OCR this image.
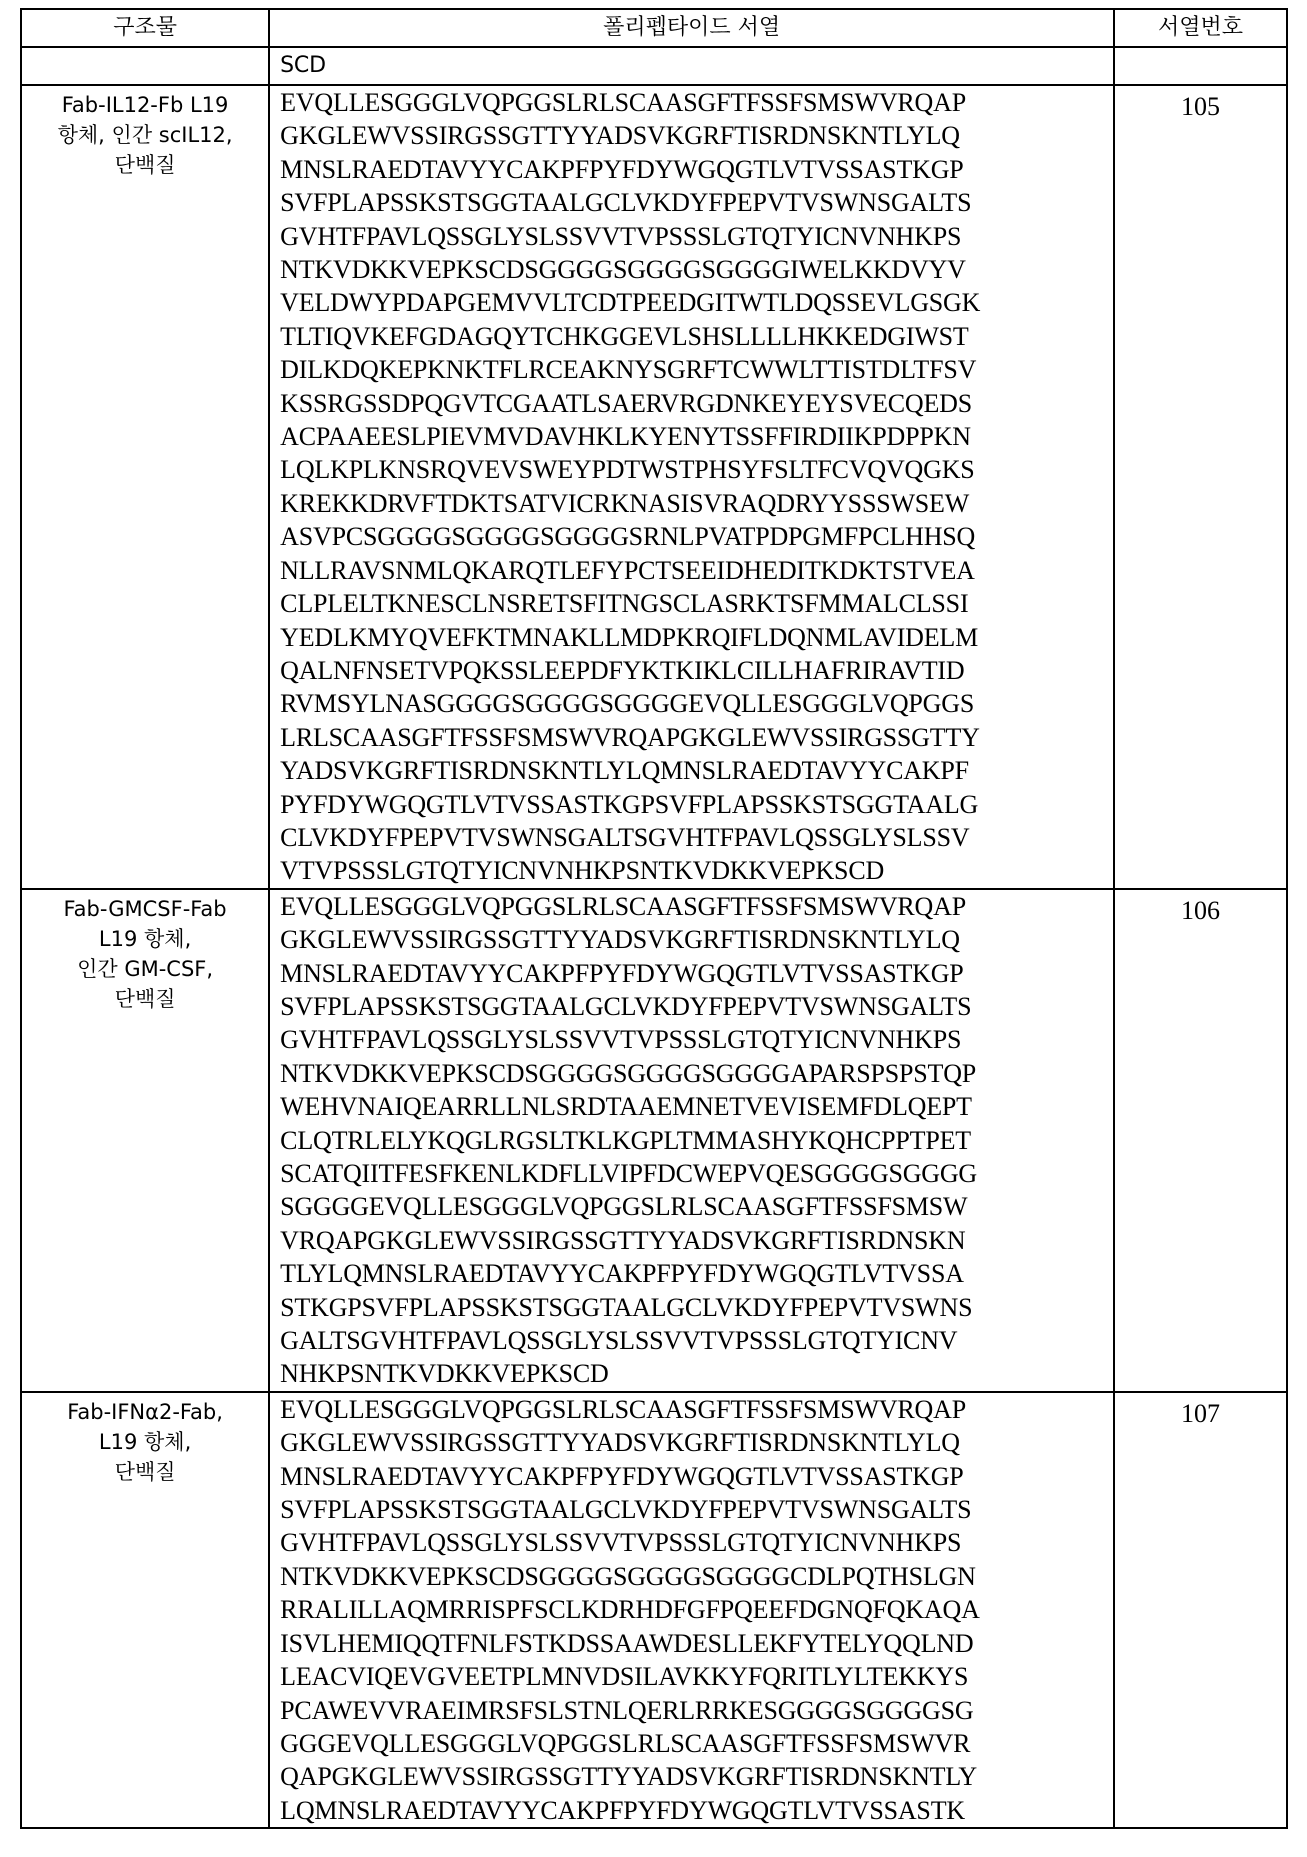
구조물	폴리펩타이드 서열	서열번호
	SCD	

Fab-IL12-Fb L19
항체, 인간 scIL12,
단백질

EVQLLESGGGLVQPGGSLRLSCAASGFTFSSFSMSWVRQAP
GKGLEWVSSIRGSSGTTYYADSVKGRFTISRDNSKNTLYLQ
MNSLRAEDTAVYYCAKPFPYFDYWGQGTLVTVSSASTKGP
SVFPLAPSSKSTSGGTAALGCLVKDYFPEPVTVSWNSGALTS
GVHTFPAVLQSSGLYSLSSVVTVPSSSLGTQTYICNVNHKPS
NTKVDKKVEPKSCDSGGGGSGGGGSGGGGIWELKKDVYV
VELDWYPDAPGEMVVLTCDTPEEDGITWTLDQSSEVLGSGK
TLTIQVKEFGDAGQYTCHKGGEVLSHSLLLLHKKEDGIWST
DILKDQKEPKNKTFLRCEAKNYSGRFTCWWLTTISTDLTFSV
KSSRGSSDPQGVTCGAATLSAERVRGDNKEYEYSVECQEDS
ACPAAEESLPIEVMVDAVHKLKYENYTSSFFIRDIIKPDPPKN
LQLKPLKNSRQVEVSWEYPDTWSTPHSYFSLTFCVQVQGKS
KREKKDRVFTDKTSATVICRKNASISVRAQDRYYSSSWSEW
ASVPCSGGGGSGGGGSGGGGSRNLPVATPDPGMFPCLHHSQ
NLLRAVSNMLQKARQTLEFYPCTSEEIDHEDITKDKTSTVEA
CLPLELTKNESCLNSRETSFITNGSCLASRKTSFMMALCLSSI
YEDLKMYQVEFKTMNAKLLMDPKRQIFLDQNMLAVIDELM
QALNFNSETVPQKSSLEEPDFYKTKIKLCILLHAFRIRAVTID
RVMSYLNASGGGGSGGGGSGGGGEVQLLESGGGLVQPGGS
LRLSCAASGFTFSSFSMSWVRQAPGKGLEWVSSIRGSSGTTY
YADSVKGRFTISRDNSKNTLYLQMNSLRAEDTAVYYCAKPF
PYFDYWGQGTLVTVSSASTKGPSVFPLAPSSKSTSGGTAALG
CLVKDYFPEPVTVSWNSGALTSGVHTFPAVLQSSGLYSLSSV
VTVPSSSLGTQTYICNVNHKPSNTKVDKKVEPKSCD
	105

Fab-GMCSF-Fab
L19 항체,
인간 GM-CSF,
단백질

EVQLLESGGGLVQPGGSLRLSCAASGFTFSSFSMSWVRQAP
GKGLEWVSSIRGSSGTTYYADSVKGRFTISRDNSKNTLYLQ
MNSLRAEDTAVYYCAKPFPYFDYWGQGTLVTVSSASTKGP
SVFPLAPSSKSTSGGTAALGCLVKDYFPEPVTVSWNSGALTS
GVHTFPAVLQSSGLYSLSSVVTVPSSSLGTQTYICNVNHKPS
NTKVDKKVEPKSCDSGGGGSGGGGSGGGGAPARSPSPSTQP
WEHVNAIQEARRLLNLSRDTAAEMNETVEVISEMFDLQEPT
CLQTRLELYKQGLRGSLTKLKGPLTMMASHYKQHCPPTPET
SCATQIITFESFKENLKDFLLVIPFDCWEPVQESGGGGSGGGG
SGGGGEVQLLESGGGLVQPGGSLRLSCAASGFTFSSFSMSW
VRQAPGKGLEWVSSIRGSSGTTYYADSVKGRFTISRDNSKN
TLYLQMNSLRAEDTAVYYCAKPFPYFDYWGQGTLVTVSSA
STKGPSVFPLAPSSKSTSGGTAALGCLVKDYFPEPVTVSWNS
GALTSGVHTFPAVLQSSGLYSLSSVVTVPSSSLGTQTYICNV
NHKPSNTKVDKKVEPKSCD
	106

Fab-IFNα2-Fab,
L19 항체,
단백질

EVQLLESGGGLVQPGGSLRLSCAASGFTFSSFSMSWVRQAP
GKGLEWVSSIRGSSGTTYYADSVKGRFTISRDNSKNTLYLQ
MNSLRAEDTAVYYCAKPFPYFDYWGQGTLVTVSSASTKGP
SVFPLAPSSKSTSGGTAALGCLVKDYFPEPVTVSWNSGALTS
GVHTFPAVLQSSGLYSLSSVVTVPSSSLGTQTYICNVNHKPS
NTKVDKKVEPKSCDSGGGGSGGGGSGGGGCDLPQTHSLGN
RRALILLAQMRRISPFSCLKDRHDFGFPQEEFDGNQFQKAQA
ISVLHEMIQQTFNLFSTKDSSAAWDESLLEKFYTELYQQLND
LEACVIQEVGVEETPLMNVDSILAVKKYFQRITLYLTEKKYS
PCAWEVVRAEIMRSFSLSTNLQERLRRKESGGGGSGGGGSG
GGGEVQLLESGGGLVQPGGSLRLSCAASGFTFSSFSMSWVR
QAPGKGLEWVSSIRGSSGTTYYADSVKGRFTISRDNSKNTLY
LQMNSLRAEDTAVYYCAKPFPYFDYWGQGTLVTVSSASTK
	107
